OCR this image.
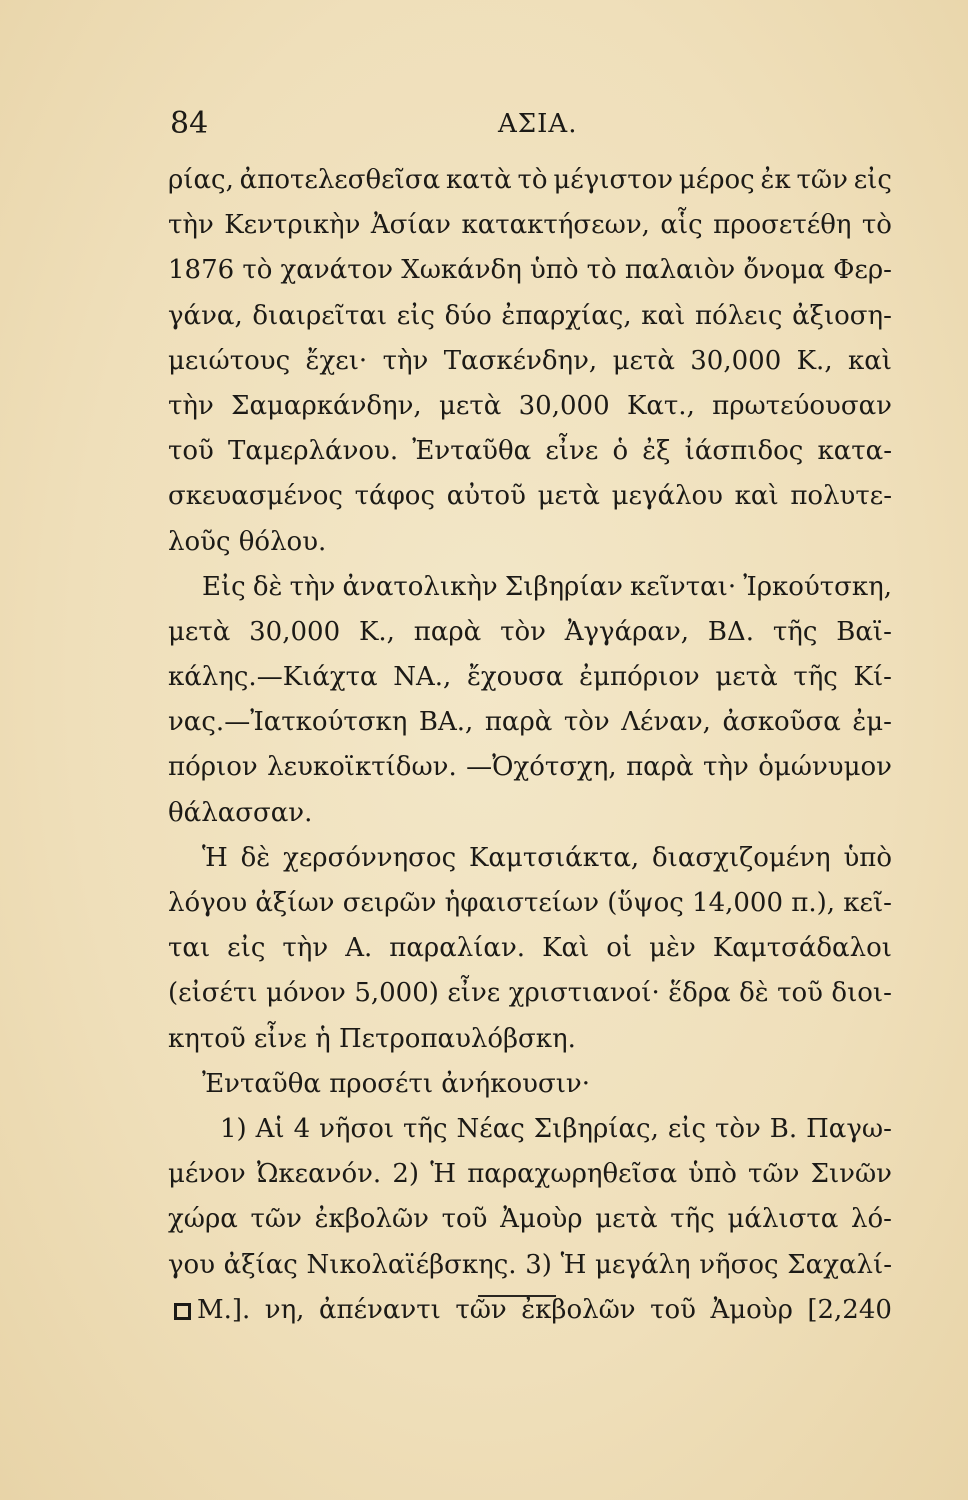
84	ΑΣΙΑ.
ρίας, ἀποτελεσθεῖσα κατὰ τὸ μέγιστον μέρος ἐκ τῶν εἰς
τὴν Κεντρικὴν Ἀσίαν κατακτήσεων, αἷς προσετέθη τὸ
1876 τὸ χανάτον Χωκάνδη ὑπὸ τὸ παλαιὸν ὄνομα Φερ-
γάνα, διαιρεῖται εἰς δύο ἐπαρχίας, καὶ πόλεις ἀξιοση-
μειώτους ἔχει· τὴν Τασκένδην, μετὰ 30,000 Κ., καὶ
τὴν Σαμαρκάνδην, μετὰ 30,000 Κατ., πρωτεύουσαν
τοῦ Ταμερλάνου. Ἐνταῦθα εἶνε ὁ ἐξ ἰάσπιδος κατα-
σκευασμένος τάφος αὐτοῦ μετὰ μεγάλου καὶ πολυτε-
λοῦς θόλου.
Εἰς δὲ τὴν ἀνατολικὴν Σιβηρίαν κεῖνται· Ἰρκούτσκη,
μετὰ 30,000 Κ., παρὰ τὸν Ἀγγάραν, ΒΔ. τῆς Βαϊ-
κάλης.—Κιάχτα ΝΑ., ἔχουσα ἐμπόριον μετὰ τῆς Κί-
νας.—Ἰατκούτσκη ΒΑ., παρὰ τὸν Λέναν, ἀσκοῦσα ἐμ-
πόριον λευκοϊκτίδων. —Ὀχότσχη, παρὰ τὴν ὁμώνυμον
θάλασσαν.
Ἡ δὲ χερσόννησος Καμτσιάκτα, διασχιζομένη ὑπὸ
λόγου ἀξίων σειρῶν ἡφαιστείων (ὕψος 14,000 π.), κεῖ-
ται εἰς τὴν Α. παραλίαν. Καὶ οἱ μὲν Καμτσάδαλοι
(εἰσέτι μόνον 5,000) εἶνε χριστιανοί· ἕδρα δὲ τοῦ διοι-
κητοῦ εἶνε ἡ Πετροπαυλόβσκη.
Ἐνταῦθα προσέτι ἀνήκουσιν·
1) Αἱ 4 νῆσοι τῆς Νέας Σιβηρίας, εἰς τὸν Β. Παγω-
μένον Ὠκεανόν. 2) Ἡ παραχωρηθεῖσα ὑπὸ τῶν Σινῶν
χώρα τῶν ἐκβολῶν τοῦ Ἀμοὺρ μετὰ τῆς μάλιστα λό-
γου ἀξίας Νικολαϊέβσκης. 3) Ἡ μεγάλη νῆσος Σαχαλί-
Μ.]. νη, ἀπέναντι τῶν ἐκβολῶν τοῦ Ἀμοὺρ [2,240
